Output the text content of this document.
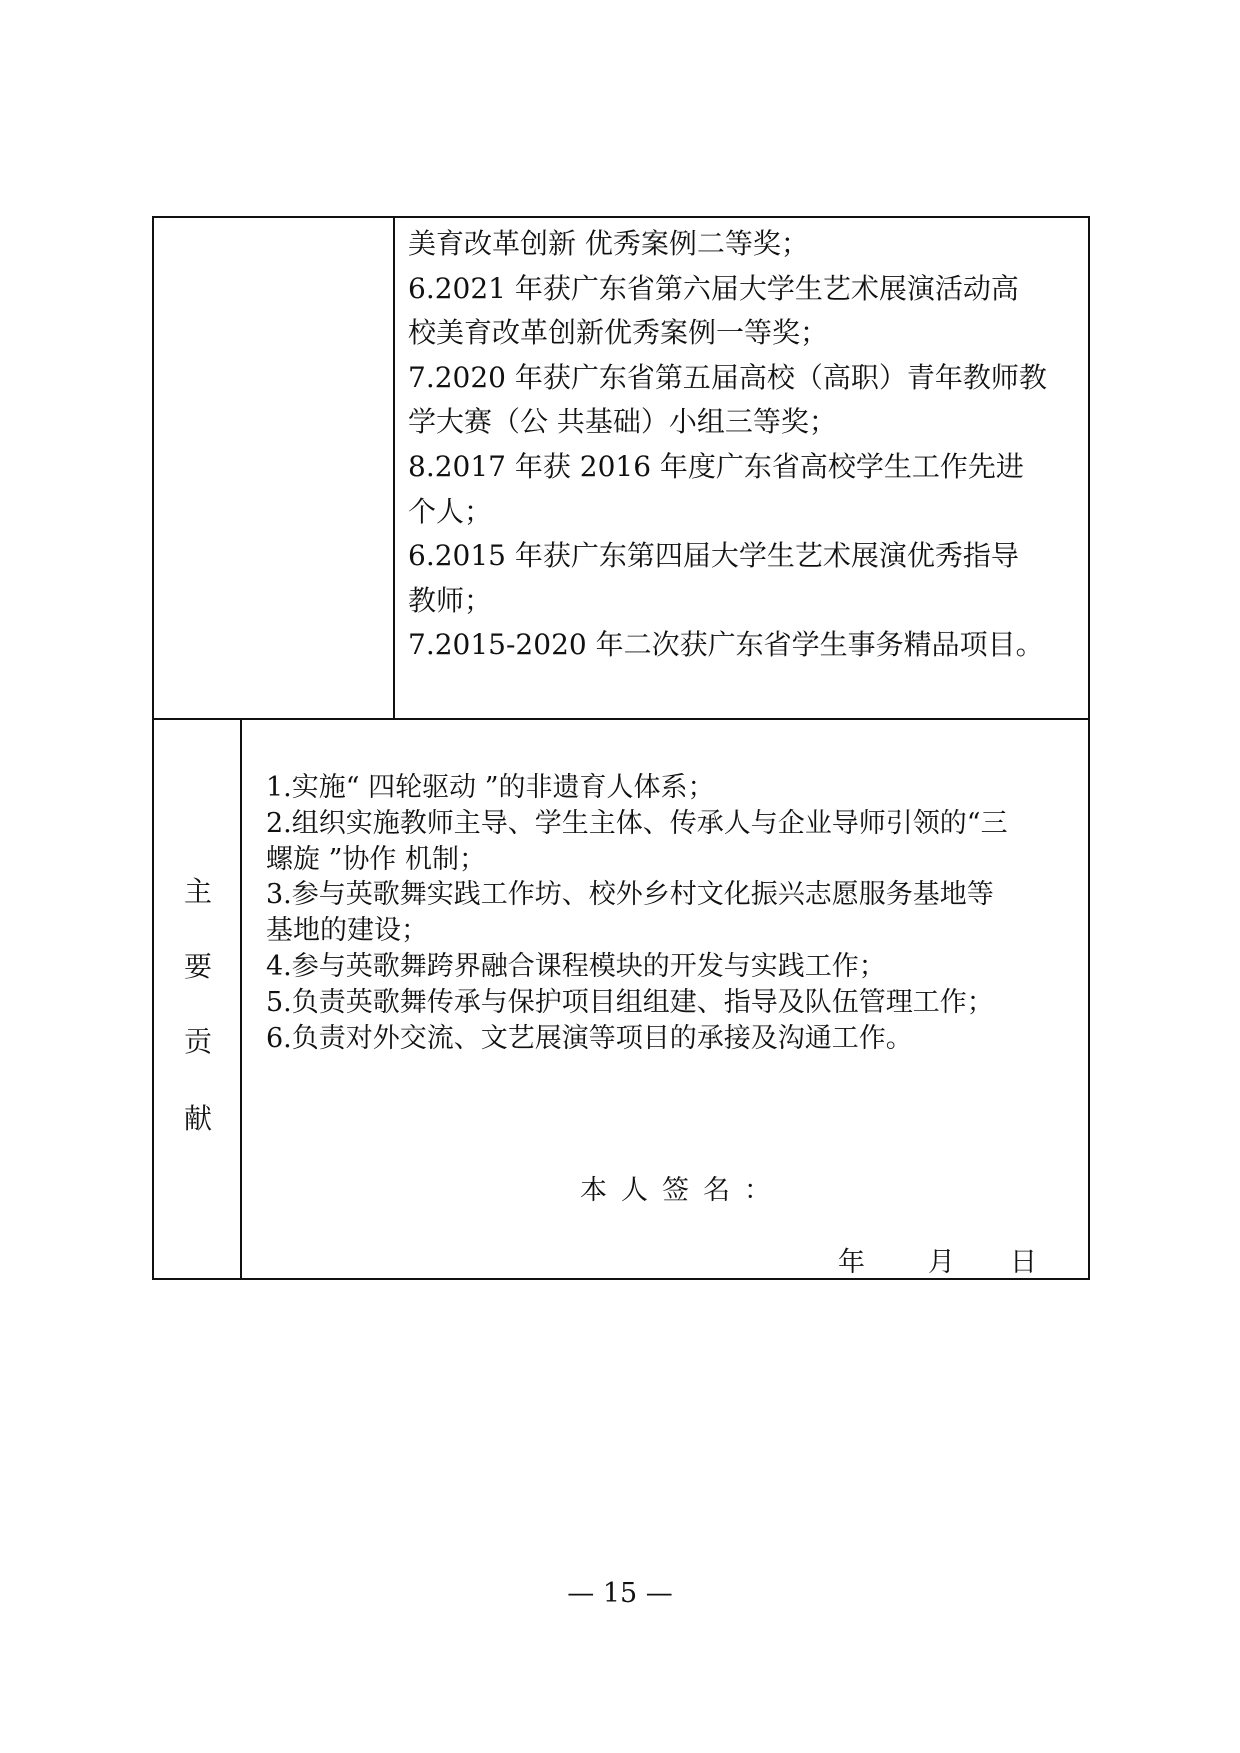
美育改革创新 优秀案例二等奖；
6.2021 年获广东省第六届大学生艺术展演活动高
校美育改革创新优秀案例一等奖；
7.2020 年获广东省第五届高校（高职）青年教师教
学大赛（公 共基础）小组三等奖；
8.2017 年获 2016 年度广东省高校学生工作先进
个人；
6.2015 年获广东第四届大学生艺术展演优秀指导
教师；
7.2015-2020 年二次获广东省学生事务精品项目。
主
要
贡
献
1.实施“ 四轮驱动 ”的非遗育人体系；
2.组织实施教师主导、学生主体、传承人与企业导师引领的“三
螺旋 ”协作 机制；
3.参与英歌舞实践工作坊、校外乡村文化振兴志愿服务基地等
基地的建设；
4.参与英歌舞跨界融合课程模块的开发与实践工作；
5.负责英歌舞传承与保护项目组组建、指导及队伍管理工作；
6.负责对外交流、文艺展演等项目的承接及沟通工作。
本人签名：
年 月 日
— 15 —
